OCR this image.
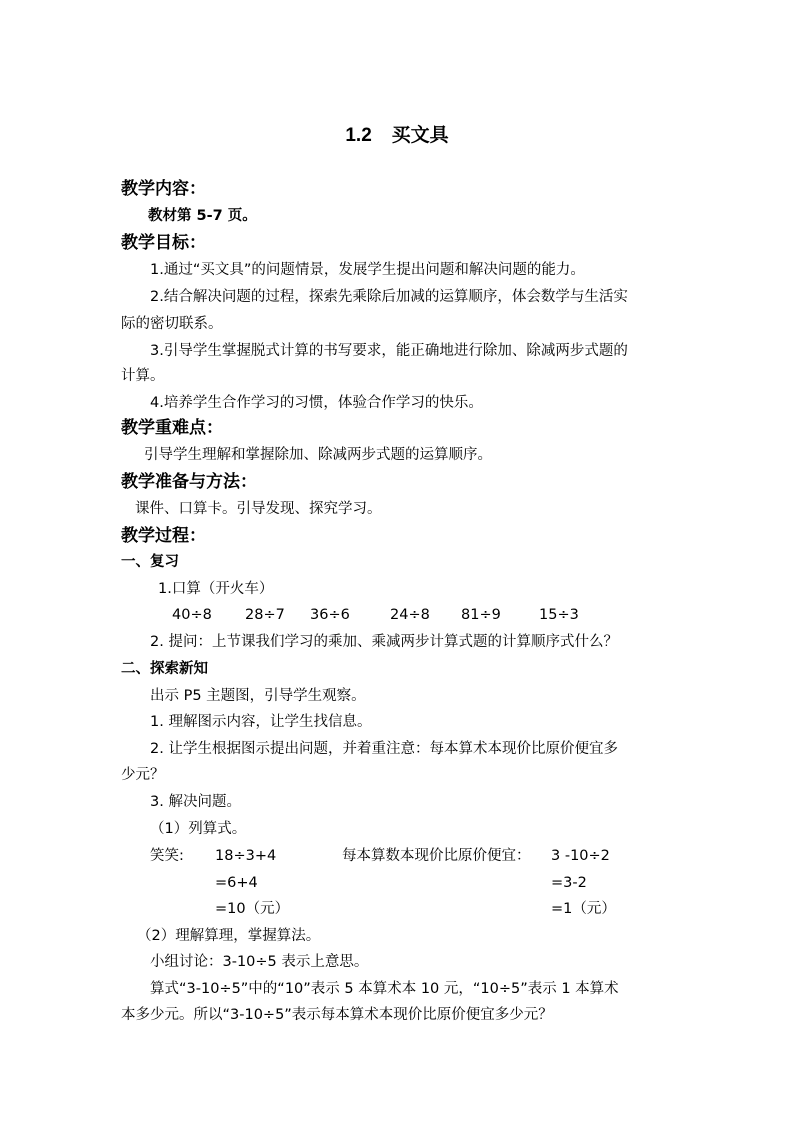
1.2 买文具
教学内容：
教材第 5-7 页。
教学目标：
1.通过“买文具”的问题情景，发展学生提出问题和解决问题的能力。
2.结合解决问题的过程，探索先乘除后加减的运算顺序，体会数学与生活实
际的密切联系。
3.引导学生掌握脱式计算的书写要求，能正确地进行除加、除减两步式题的
计算。
4.培养学生合作学习的习惯，体验合作学习的快乐。
教学重难点：
引导学生理解和掌握除加、除减两步式题的运算顺序。
教学准备与方法：
课件、口算卡。引导发现、探究学习。
教学过程：
一、复习
1.口算（开火车）
40÷8 28÷7 36÷6	24÷8 81÷9	15÷3
2. 提问：上节课我们学习的乘加、乘减两步计算式题的计算顺序式什么？
二、探索新知
出示 P5 主题图，引导学生观察。
1. 理解图示内容，让学生找信息。
2. 让学生根据图示提出问题，并着重注意：每本算术本现价比原价便宜多
少元？
3. 解决问题。
（1）列算式。
笑笑: 18÷3+4	每本算数本现价比原价便宜： 3 -10÷2
=6+4	=3-2
=10（元）	=1（元）
（2）理解算理，掌握算法。
小组讨论：3-10÷5 表示上意思。
算式“3-10÷5”中的“10”表示 5 本算术本 10 元，“10÷5”表示 1 本算术
本多少元。所以“3-10÷5”表示每本算术本现价比原价便宜多少元？
